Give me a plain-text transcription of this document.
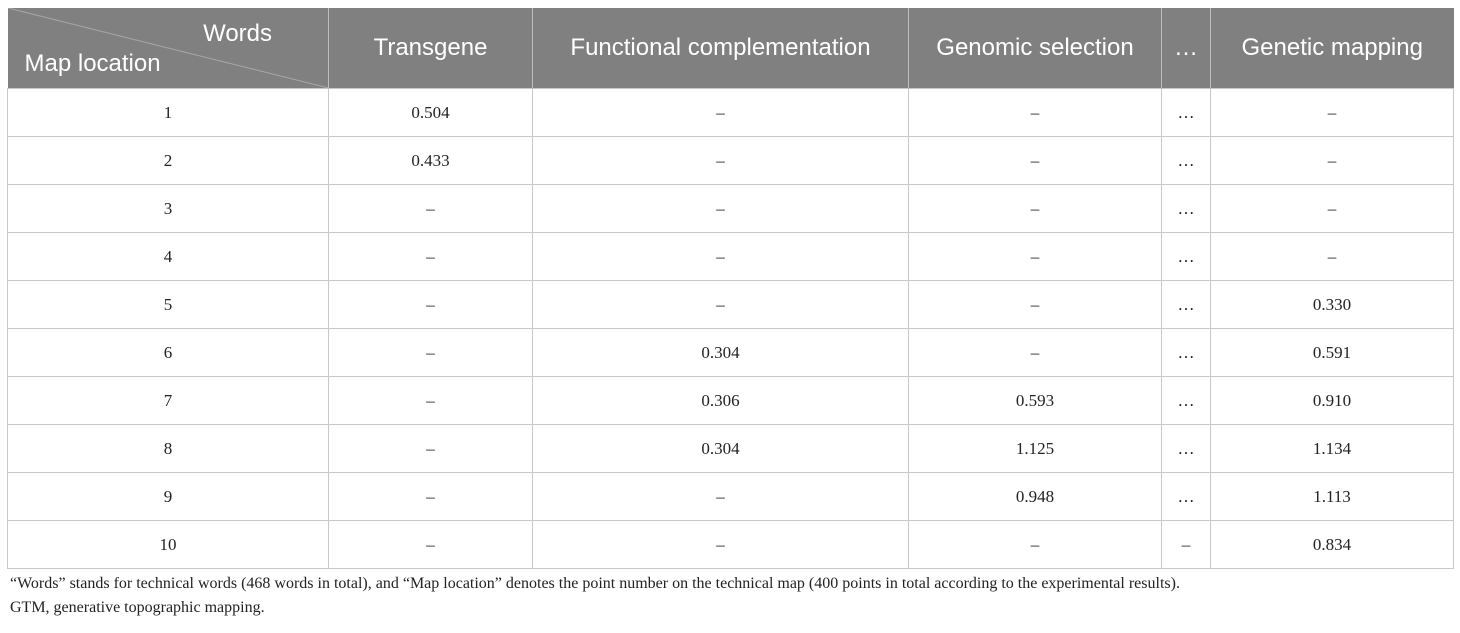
Words
Map location	Transgene	Functional complementation	Genomic selection	…	Genetic mapping
1	0.504	–	–	…	–
2	0.433	–	–	…	–
3	–	–	–	…	–
4	–	–	–	…	–
5	–	–	–	…	0.330
6	–	0.304	–	…	0.591
7	–	0.306	0.593	…	0.910
8	–	0.304	1.125	…	1.134
9	–	–	0.948	…	1.113
10	–	–	–	–	0.834
“Words” stands for technical words (468 words in total), and “Map location” denotes the point number on the technical map (400 points in total according to the experimental results).
GTM, generative topographic mapping.
